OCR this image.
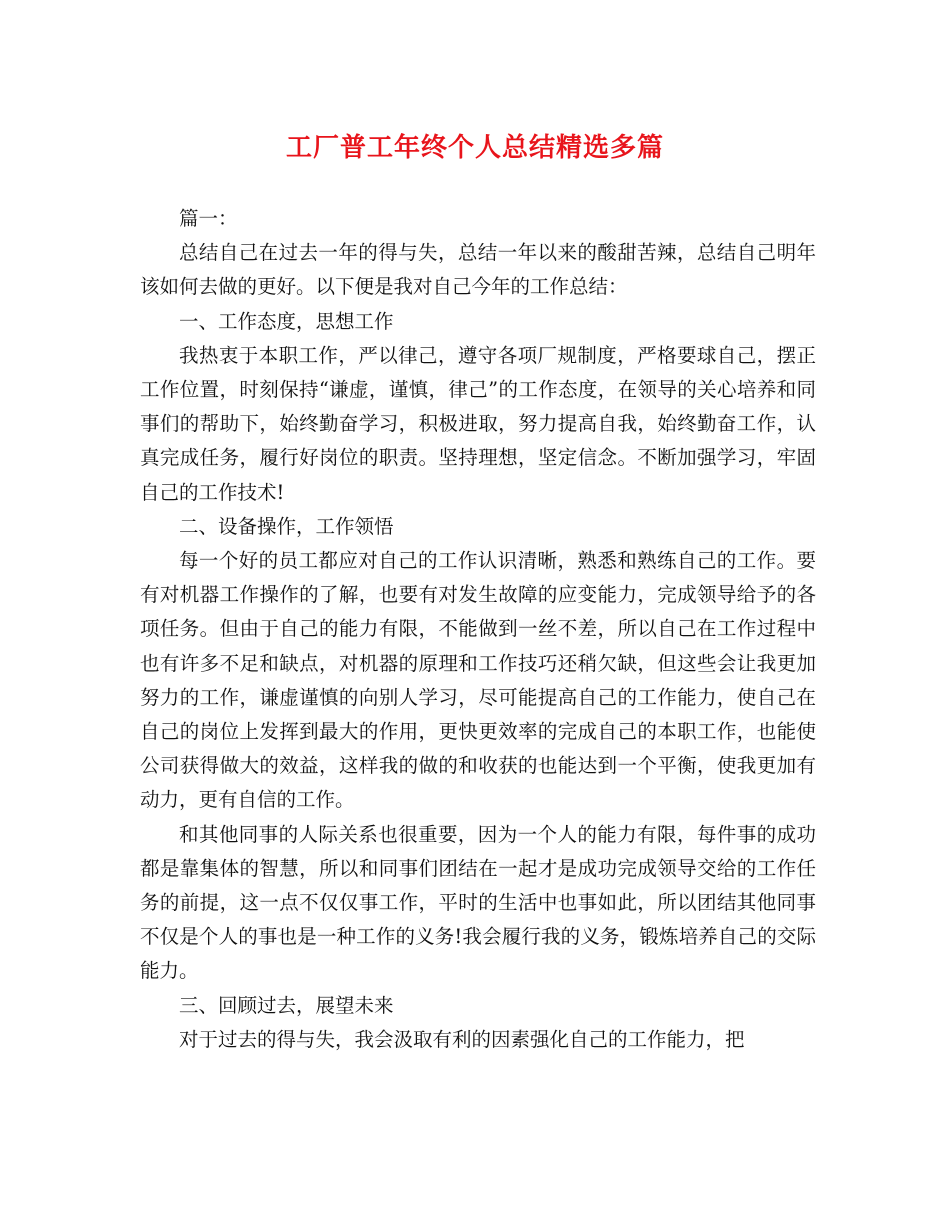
工厂普工年终个人总结精选多篇

篇一：

总结自己在过去一年的得与失，总结一年以来的酸甜苦辣，总结自己明年该如何去做的更好。以下便是我对自己今年的工作总结：

一、工作态度，思想工作

我热衷于本职工作，严以律己，遵守各项厂规制度，严格要球自己，摆正工作位置，时刻保持“谦虚，谨慎，律己”的工作态度，在领导的关心培养和同事们的帮助下，始终勤奋学习，积极进取，努力提高自我，始终勤奋工作，认真完成任务，履行好岗位的职责。坚持理想，坚定信念。不断加强学习，牢固自己的工作技术!

二、设备操作，工作领悟

每一个好的员工都应对自己的工作认识清晰，熟悉和熟练自己的工作。要有对机器工作操作的了解，也要有对发生故障的应变能力，完成领导给予的各项任务。但由于自己的能力有限，不能做到一丝不差，所以自己在工作过程中也有许多不足和缺点，对机器的原理和工作技巧还稍欠缺，但这些会让我更加努力的工作，谦虚谨慎的向别人学习，尽可能提高自己的工作能力，使自己在自己的岗位上发挥到最大的作用，更快更效率的完成自己的本职工作，也能使公司获得做大的效益，这样我的做的和收获的也能达到一个平衡，使我更加有动力，更有自信的工作。

和其他同事的人际关系也很重要，因为一个人的能力有限，每件事的成功都是靠集体的智慧，所以和同事们团结在一起才是成功完成领导交给的工作任务的前提，这一点不仅仅事工作，平时的生活中也事如此，所以团结其他同事不仅是个人的事也是一种工作的义务!我会履行我的义务，锻炼培养自己的交际能力。

三、回顾过去，展望未来

对于过去的得与失，我会汲取有利的因素强化自己的工作能力，把
